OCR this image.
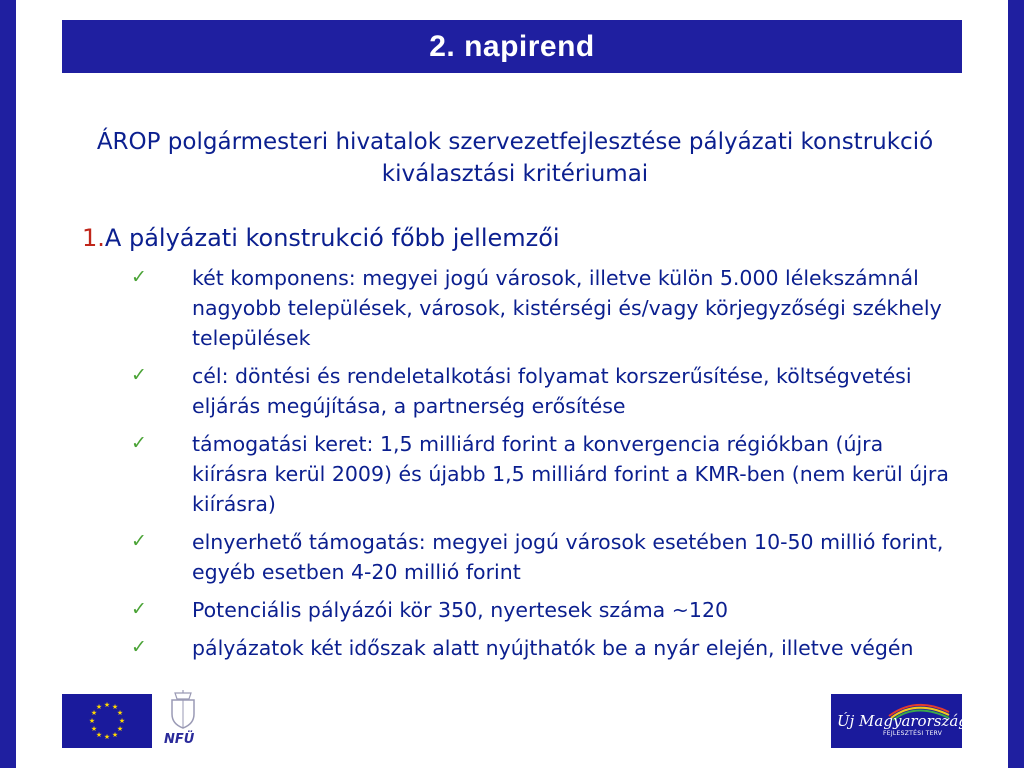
2. napirend
ÁROP polgármesteri hivatalok szervezetfejlesztése pályázati konstrukció kiválasztási kritériumai
1.A pályázati konstrukció főbb jellemzői
✓ két komponens: megyei jogú városok, illetve külön 5.000 lélekszámnál nagyobb települések, városok, kistérségi és/vagy körjegyzőségi székhely települések
✓ cél: döntési és rendeletalkotási folyamat korszerűsítése, költségvetési eljárás megújítása, a partnerség erősítése
✓ támogatási keret: 1,5 milliárd forint a konvergencia régiókban (újra kiírásra kerül 2009) és újabb 1,5 milliárd forint a KMR-ben (nem kerül újra kiírásra)
✓ elnyerhető támogatás: megyei jogú városok esetében 10-50 millió forint, egyéb esetben 4-20 millió forint
✓ Potenciális pályázói kör 350, nyertesek száma ~120
✓ pályázatok két időszak alatt nyújthatók be a nyár elején, illetve végén
★ ★
★
★
★
★
★
★
★
★
★
★
NFÜ
Új Magyarország
FEJLESZTÉSI TERV
